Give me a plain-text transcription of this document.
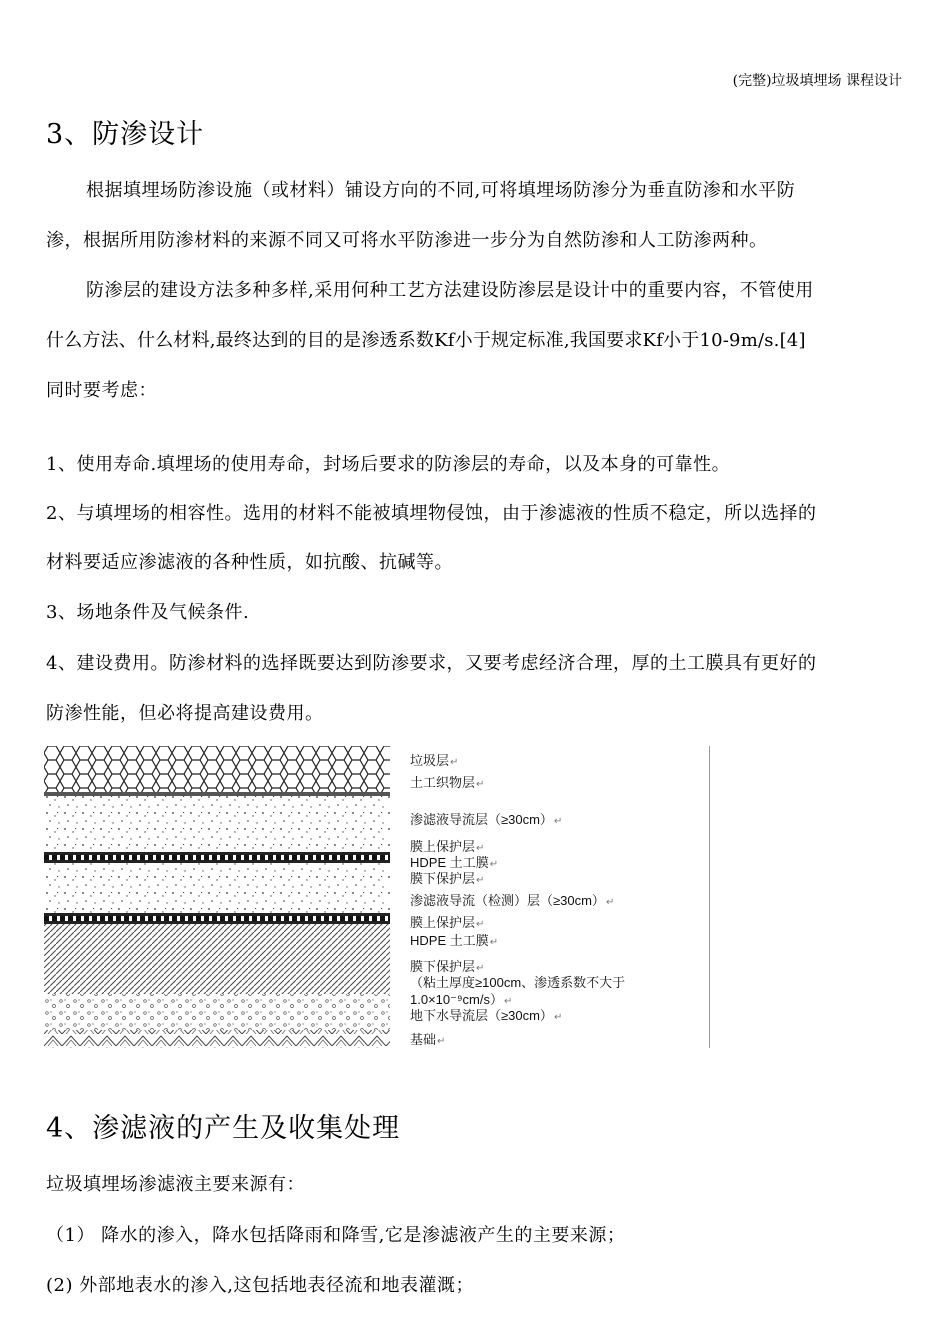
(完整)垃圾填埋场 课程设计
3、防渗设计
根据填埋场防渗设施（或材料）铺设方向的不同,可将填埋场防渗分为垂直防渗和水平防
渗，根据所用防渗材料的来源不同又可将水平防渗进一步分为自然防渗和人工防渗两种。
防渗层的建设方法多种多样,采用何种工艺方法建设防渗层是设计中的重要内容，不管使用
什么方法、什么材料,最终达到的目的是渗透系数Kf小于规定标准,我国要求Kf小于10-9m/s.[4]
同时要考虑：
1、使用寿命.填埋场的使用寿命，封场后要求的防渗层的寿命，以及本身的可靠性。
2、与填埋场的相容性。选用的材料不能被填埋物侵蚀，由于渗滤液的性质不稳定，所以选择的
材料要适应渗滤液的各种性质，如抗酸、抗碱等。
3、场地条件及气候条件.
4、建设费用。防渗材料的选择既要达到防渗要求，又要考虑经济合理，厚的土工膜具有更好的
防渗性能，但必将提高建设费用。
垃圾层↵
土工织物层↵
渗滤液导流层（≥30cm）↵
膜上保护层↵
HDPE 土工膜↵
膜下保护层↵
渗滤液导流（检测）层（≥30cm）↵
膜上保护层↵
HDPE 土工膜↵
膜下保护层↵
（粘土厚度≥100cm、渗透系数不大于
1.0×10⁻⁹cm/s）↵
地下水导流层（≥30cm）↵
基础↵
4、渗滤液的产生及收集处理
垃圾填埋场渗滤液主要来源有：
（1） 降水的渗入，降水包括降雨和降雪,它是渗滤液产生的主要来源；
(2) 外部地表水的渗入,这包括地表径流和地表灌溉；
